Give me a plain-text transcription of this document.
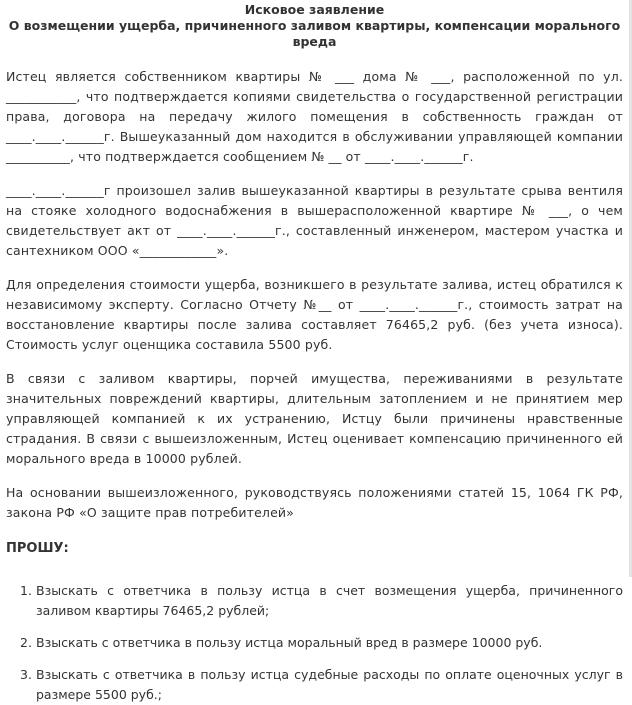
Исковое заявление
О возмещении ущерба, причиненного заливом квартиры, компенсации морального вреда

Истец является собственником квартиры № ___ дома № ___, расположенной по ул. ___________, что подтверждается копиями свидетельства о государственной регистрации права, договора на передачу жилого помещения в собственность граждан от ____.____.______г. Вышеуказанный дом находится в обслуживании управляющей компании __________, что подтверждается сообщением № __ от ____.____.______г.

____.____.______г произошел залив вышеуказанной квартиры в результате срыва вентиля на стояке холодного водоснабжения в вышерасположенной квартире № ___, о чем свидетельствует акт от ____.____.______г., составленный инженером, мастером участка и сантехником ООО «____________».

Для определения стоимости ущерба, возникшего в результате залива, истец обратился к независимому эксперту. Согласно Отчету №__ от ____.____.______г., стоимость затрат на восстановление квартиры после залива составляет 76465,2 руб. (без учета износа). Стоимость услуг оценщика составила 5500 руб.

В связи с заливом квартиры, порчей имущества, переживаниями в результате значительных повреждений квартиры, длительным затоплением и не принятием мер управляющей компанией к их устранению, Истцу были причинены нравственные страдания. В связи с вышеизложенным, Истец оценивает компенсацию причиненного ей морального вреда в 10000 рублей.

На основании вышеизложенного, руководствуясь положениями статей 15, 1064 ГК РФ, закона РФ «О защите прав потребителей»

ПРОШУ:
1. Взыскать с ответчика в пользу истца в счет возмещения ущерба, причиненного заливом квартиры 76465,2 рублей;
2. Взыскать с ответчика в пользу истца моральный вред в размере 10000 руб.
3. Взыскать с ответчика в пользу истца судебные расходы по оплате оценочных услуг в размере 5500 руб.;
